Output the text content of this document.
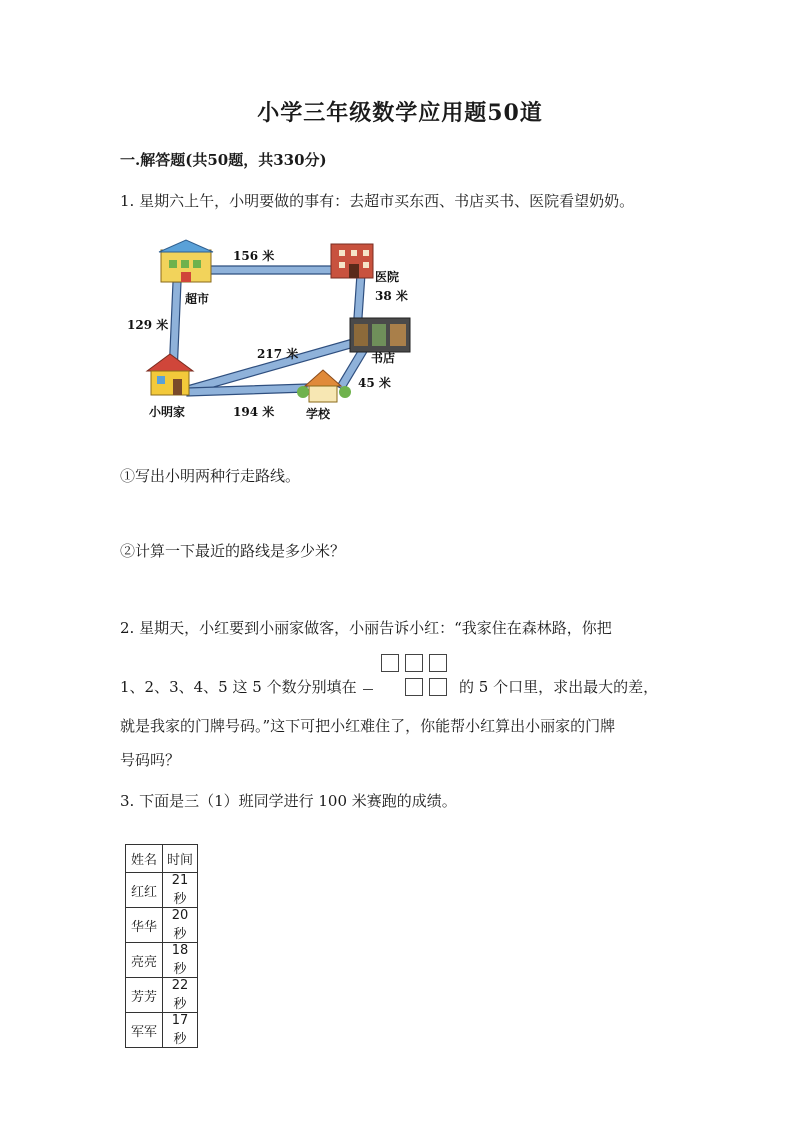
小学三年级数学应用题50道
一.解答题(共50题，共330分)
1. 星期六上午，小明要做的事有：去超市买东西、书店买书、医院看望奶奶。
超市
医院
书店
学校
小明家
156 米
38 米
129 米
217 米
45 米
194 米
①写出小明两种行走路线。
②计算一下最近的路线是多少米？
2. 星期天，小红要到小丽家做客，小丽告诉小红：“我家住在森林路，你把
1、2、3、4、5 这 5 个数分别填在	的 5 个口里，求出最大的差，
就是我家的门牌号码。”这下可把小红难住了，你能帮小红算出小丽家的门牌
号码吗？
3. 下面是三（1）班同学进行 100 米赛跑的成绩。
姓名	时间
红红	21 秒
华华	20 秒
亮亮	18 秒
芳芳	22 秒
军军	17 秒
